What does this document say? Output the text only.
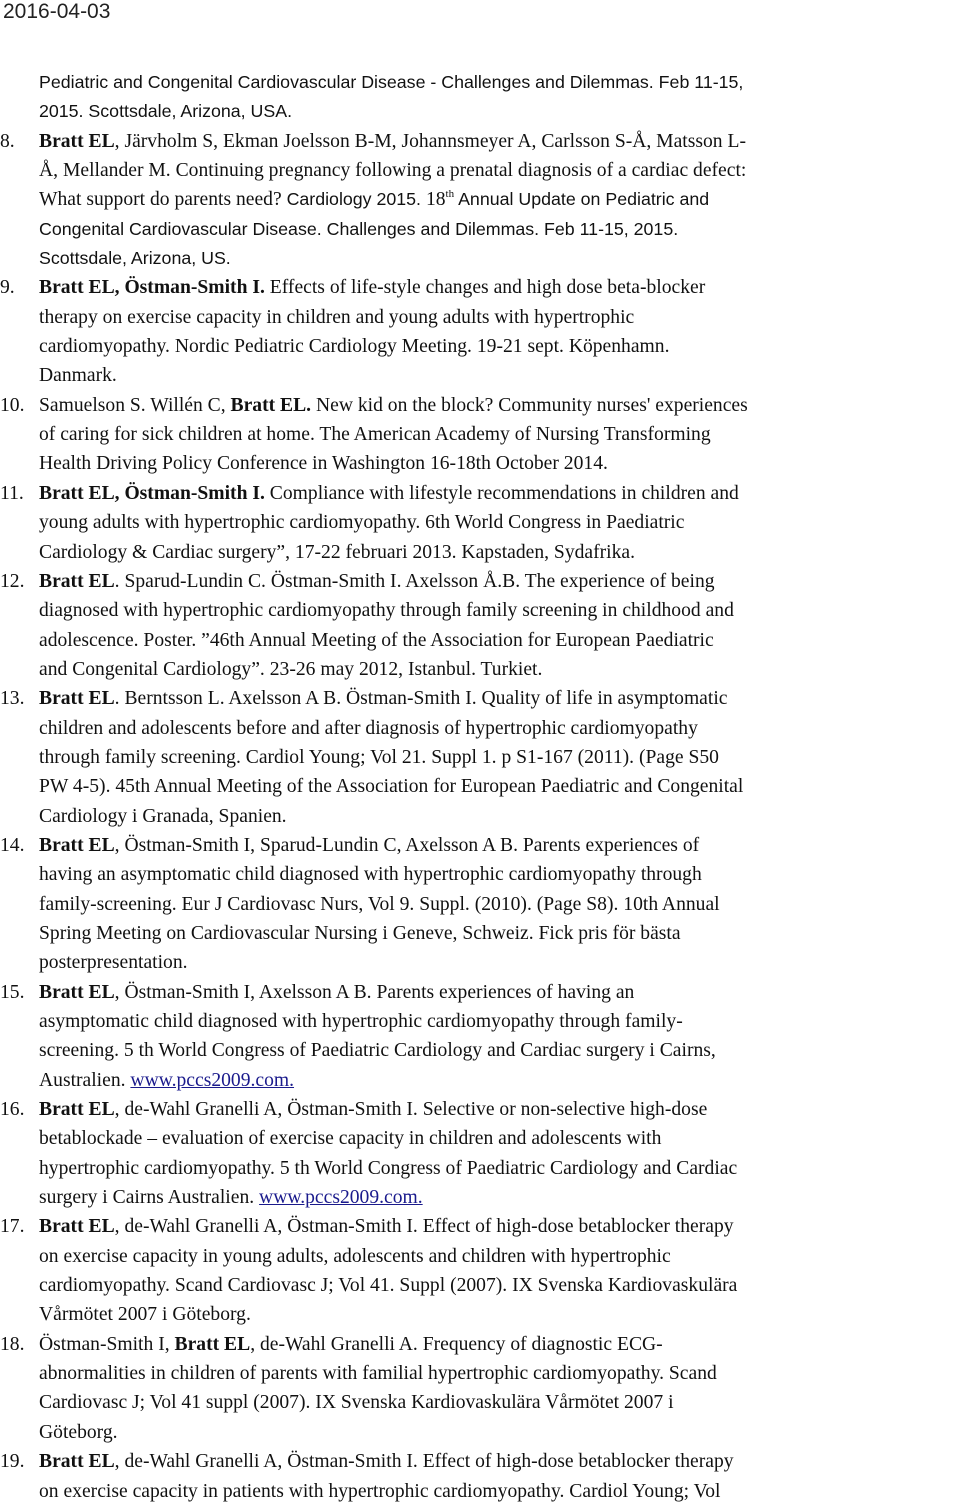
2016-04-03
Pediatric and Congenital Cardiovascular Disease - Challenges and Dilemmas. Feb 11-15,
2015. Scottsdale, Arizona, USA.
8.	Bratt EL, Järvholm S, Ekman Joelsson B-M, Johannsmeyer A, Carlsson S-Å, Matsson L-
Å, Mellander M. Continuing pregnancy following a prenatal diagnosis of a cardiac defect:
What support do parents need? Cardiology 2015. 18th Annual Update on Pediatric and
Congenital Cardiovascular Disease. Challenges and Dilemmas. Feb 11-15, 2015.
Scottsdale, Arizona, US.
9.	Bratt EL, Östman-Smith I. Effects of life-style changes and high dose beta-blocker
therapy on exercise capacity in children and young adults with hypertrophic
cardiomyopathy. Nordic Pediatric Cardiology Meeting. 19-21 sept. Köpenhamn.
Danmark.
10. Samuelson S. Willén C, Bratt EL. New kid on the block? Community nurses' experiences
of caring for sick children at home. The American Academy of Nursing Transforming
Health Driving Policy Conference in Washington 16-18th October 2014.
11. Bratt EL, Östman-Smith I. Compliance with lifestyle recommendations in children and
young adults with hypertrophic cardiomyopathy. 6th World Congress in Paediatric
Cardiology & Cardiac surgery”, 17-22 februari 2013. Kapstaden, Sydafrika.
12. Bratt EL. Sparud-Lundin C. Östman-Smith I. Axelsson Å.B. The experience of being
diagnosed with hypertrophic cardiomyopathy through family screening in childhood and
adolescence. Poster. ”46th Annual Meeting of the Association for European Paediatric
and Congenital Cardiology”. 23-26 may 2012, Istanbul. Turkiet.
13. Bratt EL. Berntsson L. Axelsson A B. Östman-Smith I. Quality of life in asymptomatic
children and adolescents before and after diagnosis of hypertrophic cardiomyopathy
through family screening. Cardiol Young; Vol 21. Suppl 1. p S1-167 (2011). (Page S50
PW 4-5). 45th Annual Meeting of the Association for European Paediatric and Congenital
Cardiology i Granada, Spanien.
14. Bratt EL, Östman-Smith I, Sparud-Lundin C, Axelsson A B. Parents experiences of
having an asymptomatic child diagnosed with hypertrophic cardiomyopathy through
family-screening. Eur J Cardiovasc Nurs, Vol 9. Suppl. (2010). (Page S8). 10th Annual
Spring Meeting on Cardiovascular Nursing i Geneve, Schweiz. Fick pris för bästa
posterpresentation.
15. Bratt EL, Östman-Smith I, Axelsson A B. Parents experiences of having an
asymptomatic child diagnosed with hypertrophic cardiomyopathy through family-
screening. 5 th World Congress of Paediatric Cardiology and Cardiac surgery i Cairns,
Australien. www.pccs2009.com.
16. Bratt EL, de-Wahl Granelli A, Östman-Smith I. Selective or non-selective high-dose
betablockade – evaluation of exercise capacity in children and adolescents with
hypertrophic cardiomyopathy. 5 th World Congress of Paediatric Cardiology and Cardiac
surgery i Cairns Australien. www.pccs2009.com.
17. Bratt EL, de-Wahl Granelli A, Östman-Smith I. Effect of high-dose betablocker therapy
on exercise capacity in young adults, adolescents and children with hypertrophic
cardiomyopathy. Scand Cardiovasc J; Vol 41. Suppl (2007). IX Svenska Kardiovaskulära
Vårmötet 2007 i Göteborg.
18. Östman-Smith I, Bratt EL, de-Wahl Granelli A. Frequency of diagnostic ECG-
abnormalities in children of parents with familial hypertrophic cardiomyopathy. Scand
Cardiovasc J; Vol 41 suppl (2007). IX Svenska Kardiovaskulära Vårmötet 2007 i
Göteborg.
19. Bratt EL, de-Wahl Granelli A, Östman-Smith I. Effect of high-dose betablocker therapy
on exercise capacity in patients with hypertrophic cardiomyopathy. Cardiol Young; Vol
